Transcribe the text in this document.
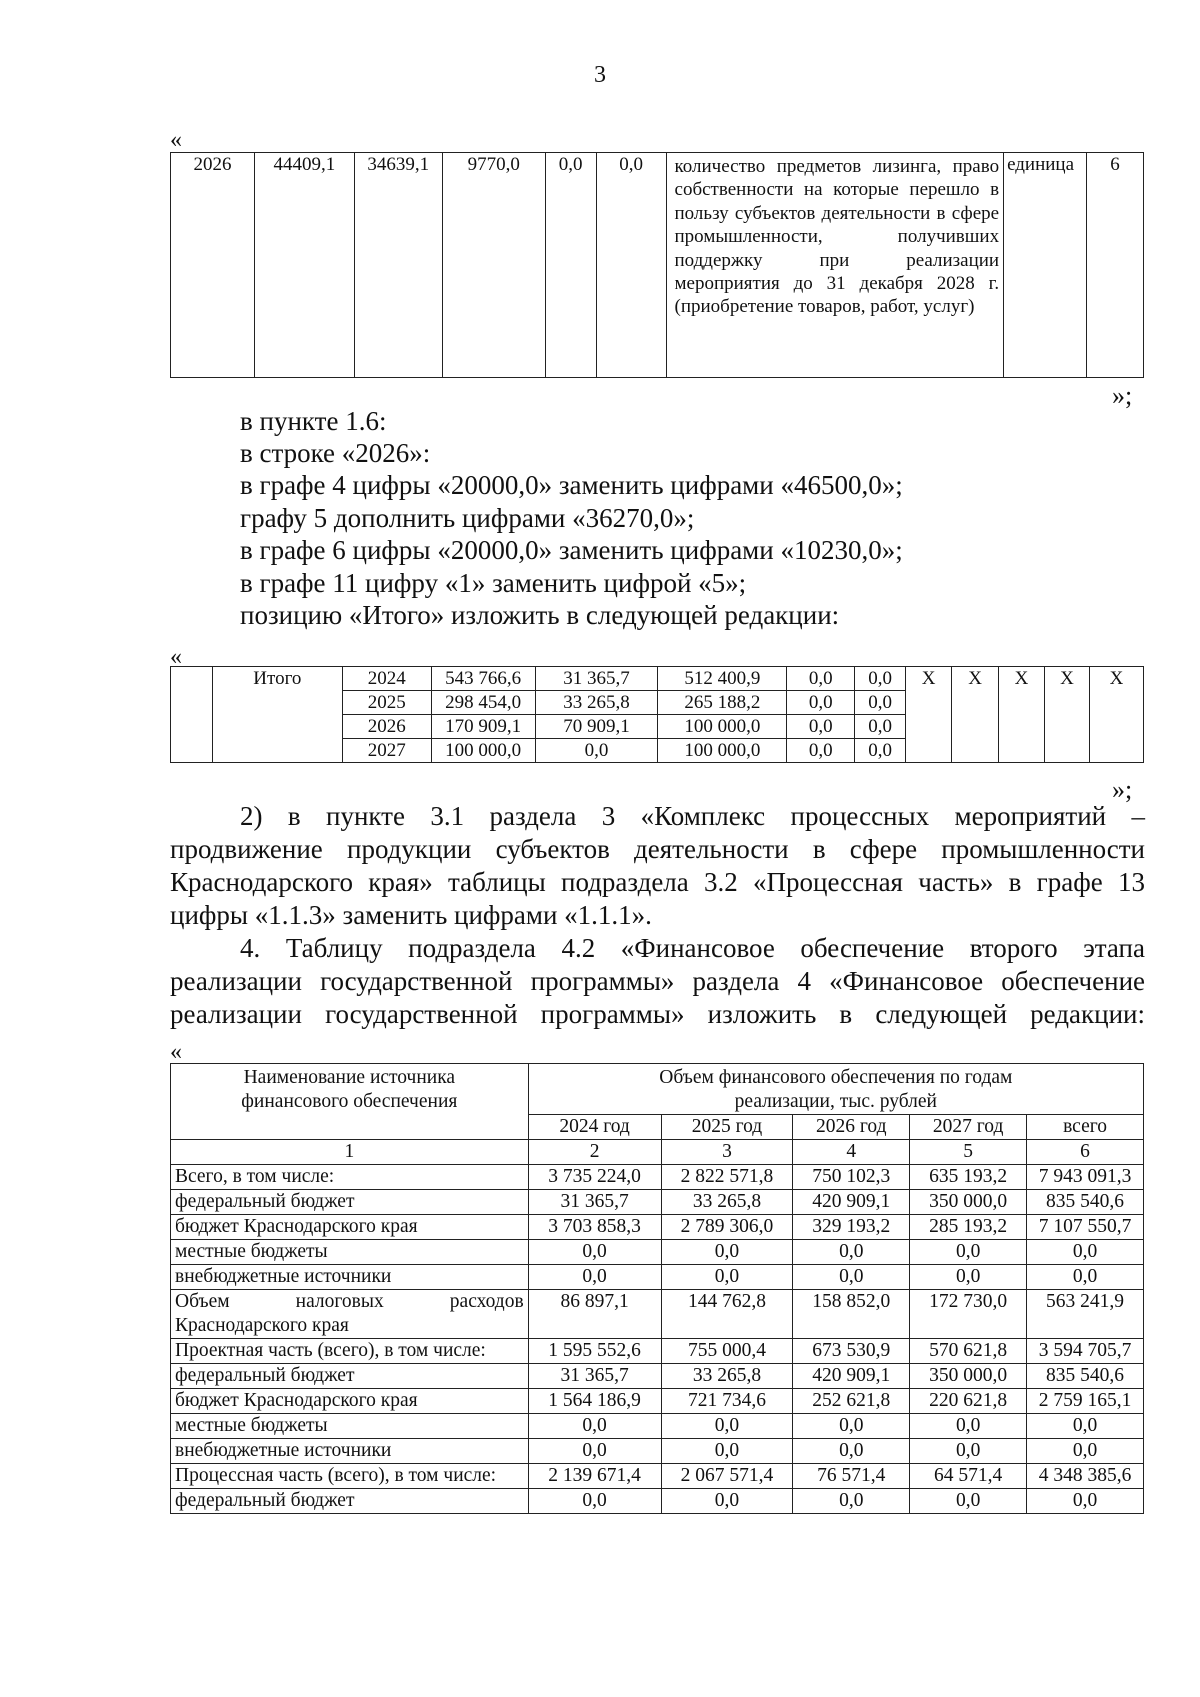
3
«
2026	44409,1	34639,1	9770,0	0,0	0,0	количество предметов лизинга, право собственности на которые перешло в пользу субъектов деятельности в сфере промышленности, получивших поддержку при реализации мероприятия до 31 декабря 2028 г. (приобретение товаров, работ, услуг)	единица	6
»;
в пункте 1.6:
в строке «2026»:
в графе 4 цифры «20000,0» заменить цифрами «46500,0»;
графу 5 дополнить цифрами «36270,0»;
в графе 6 цифры «20000,0» заменить цифрами «10230,0»;
в графе 11 цифру «1» заменить цифрой «5»;
позицию «Итого» изложить в следующей редакции:
«
	Итого	2024	543 766,6	31 365,7	512 400,9	0,0	0,0	Х	Х	Х	Х	Х
		2025	298 454,0	33 265,8	265 188,2	0,0	0,0					
		2026	170 909,1	70 909,1	100 000,0	0,0	0,0					
		2027	100 000,0	0,0	100 000,0	0,0	0,0					
»;
2) в пункте 3.1 раздела 3 «Комплекс процессных мероприятий –
продвижение продукции субъектов деятельности в сфере промышленности
Краснодарского края» таблицы подраздела 3.2 «Процессная часть» в графе 13
цифры «1.1.3» заменить цифрами «1.1.1».
4. Таблицу подраздела 4.2 «Финансовое обеспечение второго этапа
реализации государственной программы» раздела 4 «Финансовое обеспечение
реализации государственной программы» изложить в следующей редакции:
«
Наименование источника финансового обеспечения	Объем финансового обеспечения по годам реализации, тыс. рублей				
	2024 год	2025 год	2026 год	2027 год	всего
1	2	3	4	5	6
Всего, в том числе:	3 735 224,0	2 822 571,8	750 102,3	635 193,2	7 943 091,3
федеральный бюджет	31 365,7	33 265,8	420 909,1	350 000,0	835 540,6
бюджет Краснодарского края	3 703 858,3	2 789 306,0	329 193,2	285 193,2	7 107 550,7
местные бюджеты	0,0	0,0	0,0	0,0	0,0
внебюджетные источники	0,0	0,0	0,0	0,0	0,0
Объем налоговых расходов Краснодарского края	86 897,1	144 762,8	158 852,0	172 730,0	563 241,9
Проектная часть (всего), в том числе:	1 595 552,6	755 000,4	673 530,9	570 621,8	3 594 705,7
федеральный бюджет	31 365,7	33 265,8	420 909,1	350 000,0	835 540,6
бюджет Краснодарского края	1 564 186,9	721 734,6	252 621,8	220 621,8	2 759 165,1
местные бюджеты	0,0	0,0	0,0	0,0	0,0
внебюджетные источники	0,0	0,0	0,0	0,0	0,0
Процессная часть (всего), в том числе:	2 139 671,4	2 067 571,4	76 571,4	64 571,4	4 348 385,6
федеральный бюджет	0,0	0,0	0,0	0,0	0,0
